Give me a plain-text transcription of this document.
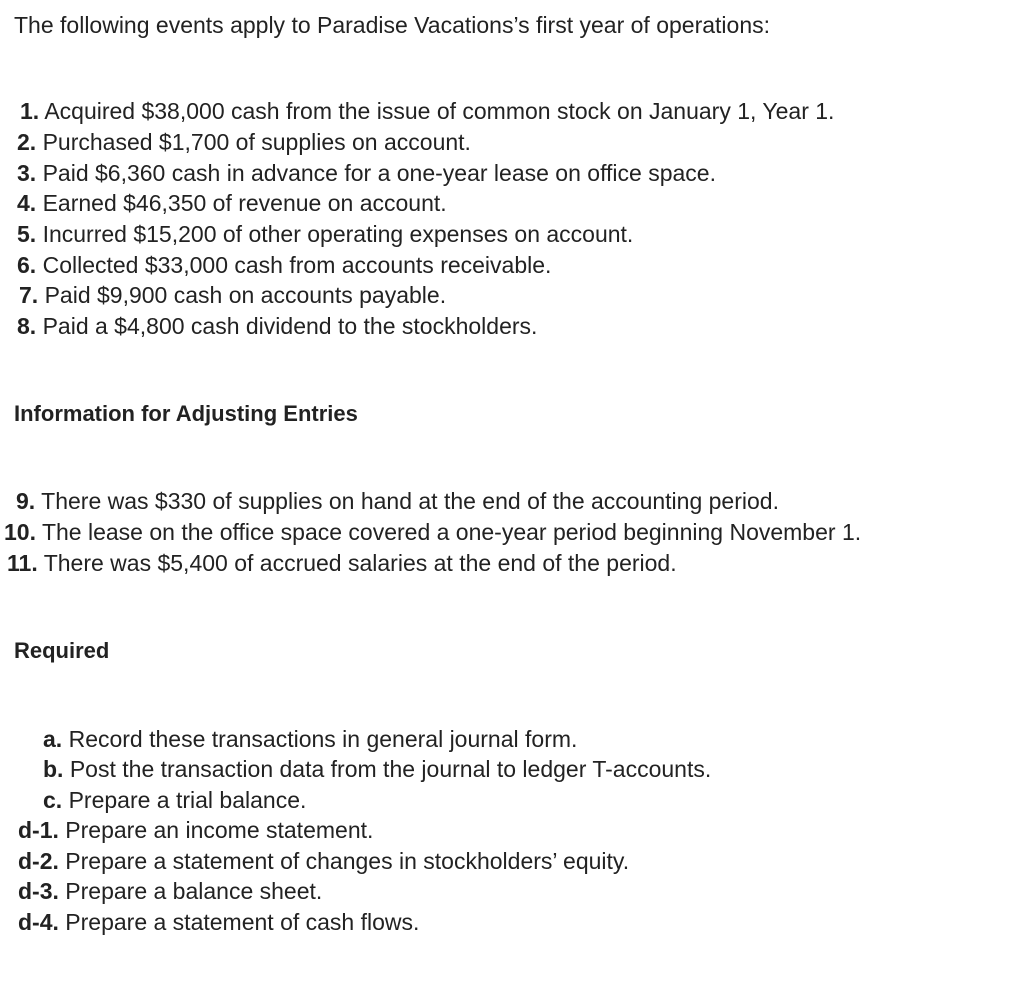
The following events apply to Paradise Vacations’s first year of operations:
1. Acquired $38,000 cash from the issue of common stock on January 1, Year 1.
2. Purchased $1,700 of supplies on account.
3. Paid $6,360 cash in advance for a one-year lease on office space.
4. Earned $46,350 of revenue on account.
5. Incurred $15,200 of other operating expenses on account.
6. Collected $33,000 cash from accounts receivable.
7. Paid $9,900 cash on accounts payable.
8. Paid a $4,800 cash dividend to the stockholders.
Information for Adjusting Entries
9. There was $330 of supplies on hand at the end of the accounting period.
10. The lease on the office space covered a one-year period beginning November 1.
11. There was $5,400 of accrued salaries at the end of the period.
Required
a. Record these transactions in general journal form.
b. Post the transaction data from the journal to ledger T-accounts.
c. Prepare a trial balance.
d-1. Prepare an income statement.
d-2. Prepare a statement of changes in stockholders’ equity.
d-3. Prepare a balance sheet.
d-4. Prepare a statement of cash flows.
